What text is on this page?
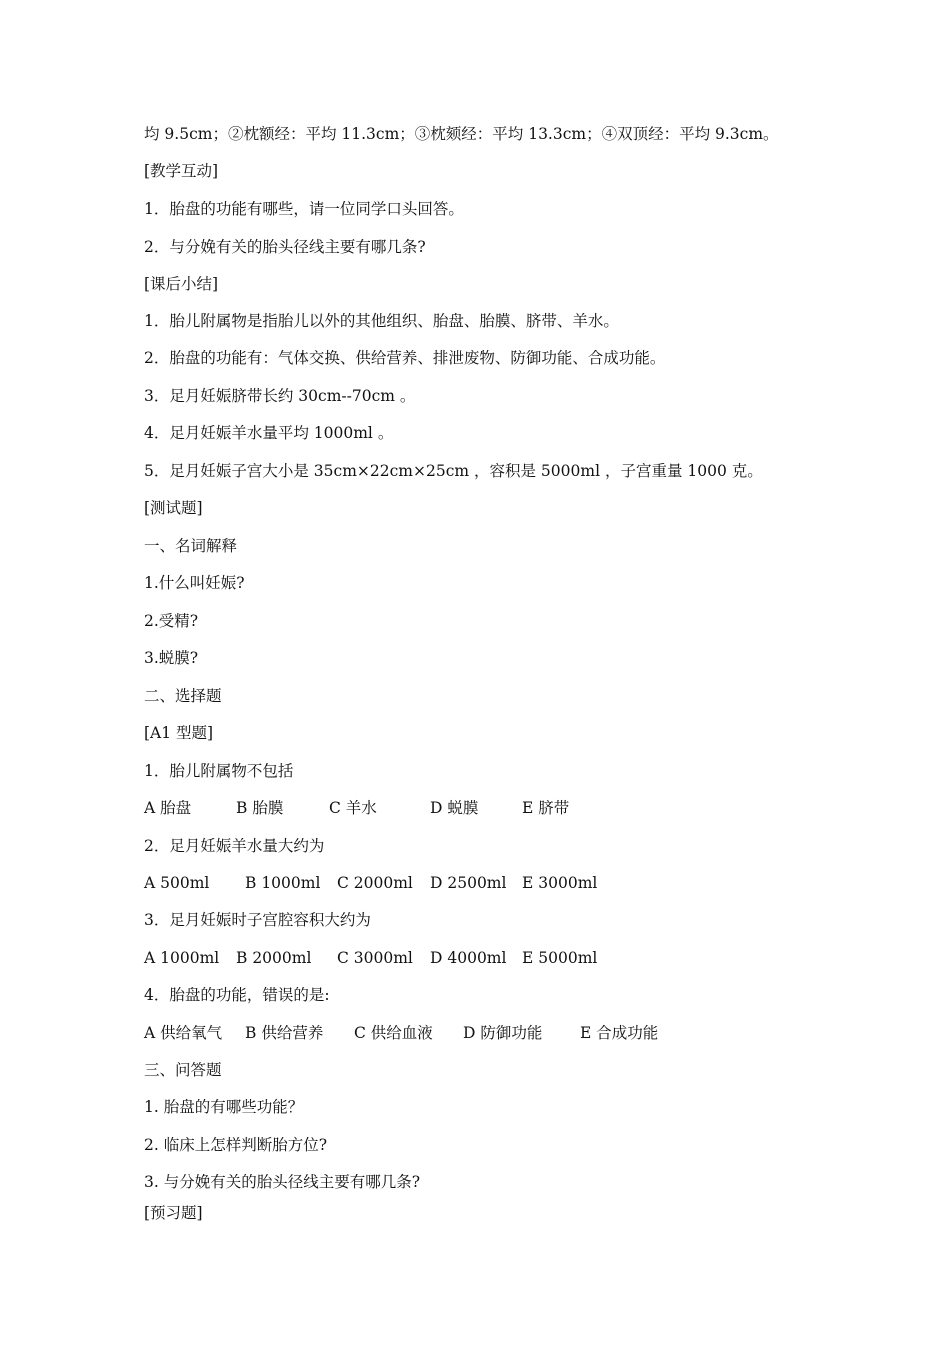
均 9.5cm；②枕额经：平均 11.3cm；③枕颏经：平均 13.3cm；④双顶经：平均 9.3cm。
[教学互动]
1．胎盘的功能有哪些，请一位同学口头回答。
2．与分娩有关的胎头径线主要有哪几条?
[课后小结]
1．胎儿附属物是指胎儿以外的其他组织、胎盘、胎膜、脐带、羊水。
2．胎盘的功能有：气体交换、供给营养、排泄废物、防御功能、合成功能。
3．足月妊娠脐带长约 30cm--70cm 。
4．足月妊娠羊水量平均 1000ml 。
5．足月妊娠子宫大小是 35cm×22cm×25cm ，容积是 5000ml ，子宫重量 1000 克。
[测试题]
一、名词解释
1.什么叫妊娠?
2.受精?
3.蜕膜?
二、选择题
[A1 型题]
1．胎儿附属物不包括
A 胎盘	B 胎膜	C 羊水	D 蜕膜	E 脐带
2．足月妊娠羊水量大约为
A 500ml B 1000ml C 2000ml D 2500ml E 3000ml
3．足月妊娠时子宫腔容积大约为
A 1000ml B 2000ml C 3000ml D 4000ml E 5000ml
4．胎盘的功能，错误的是:
A 供给氧气 B 供给营养 C 供给血液 D 防御功能 E 合成功能
三、问答题
1. 胎盘的有哪些功能？
2. 临床上怎样判断胎方位?
3. 与分娩有关的胎头径线主要有哪几条?
[预习题]
